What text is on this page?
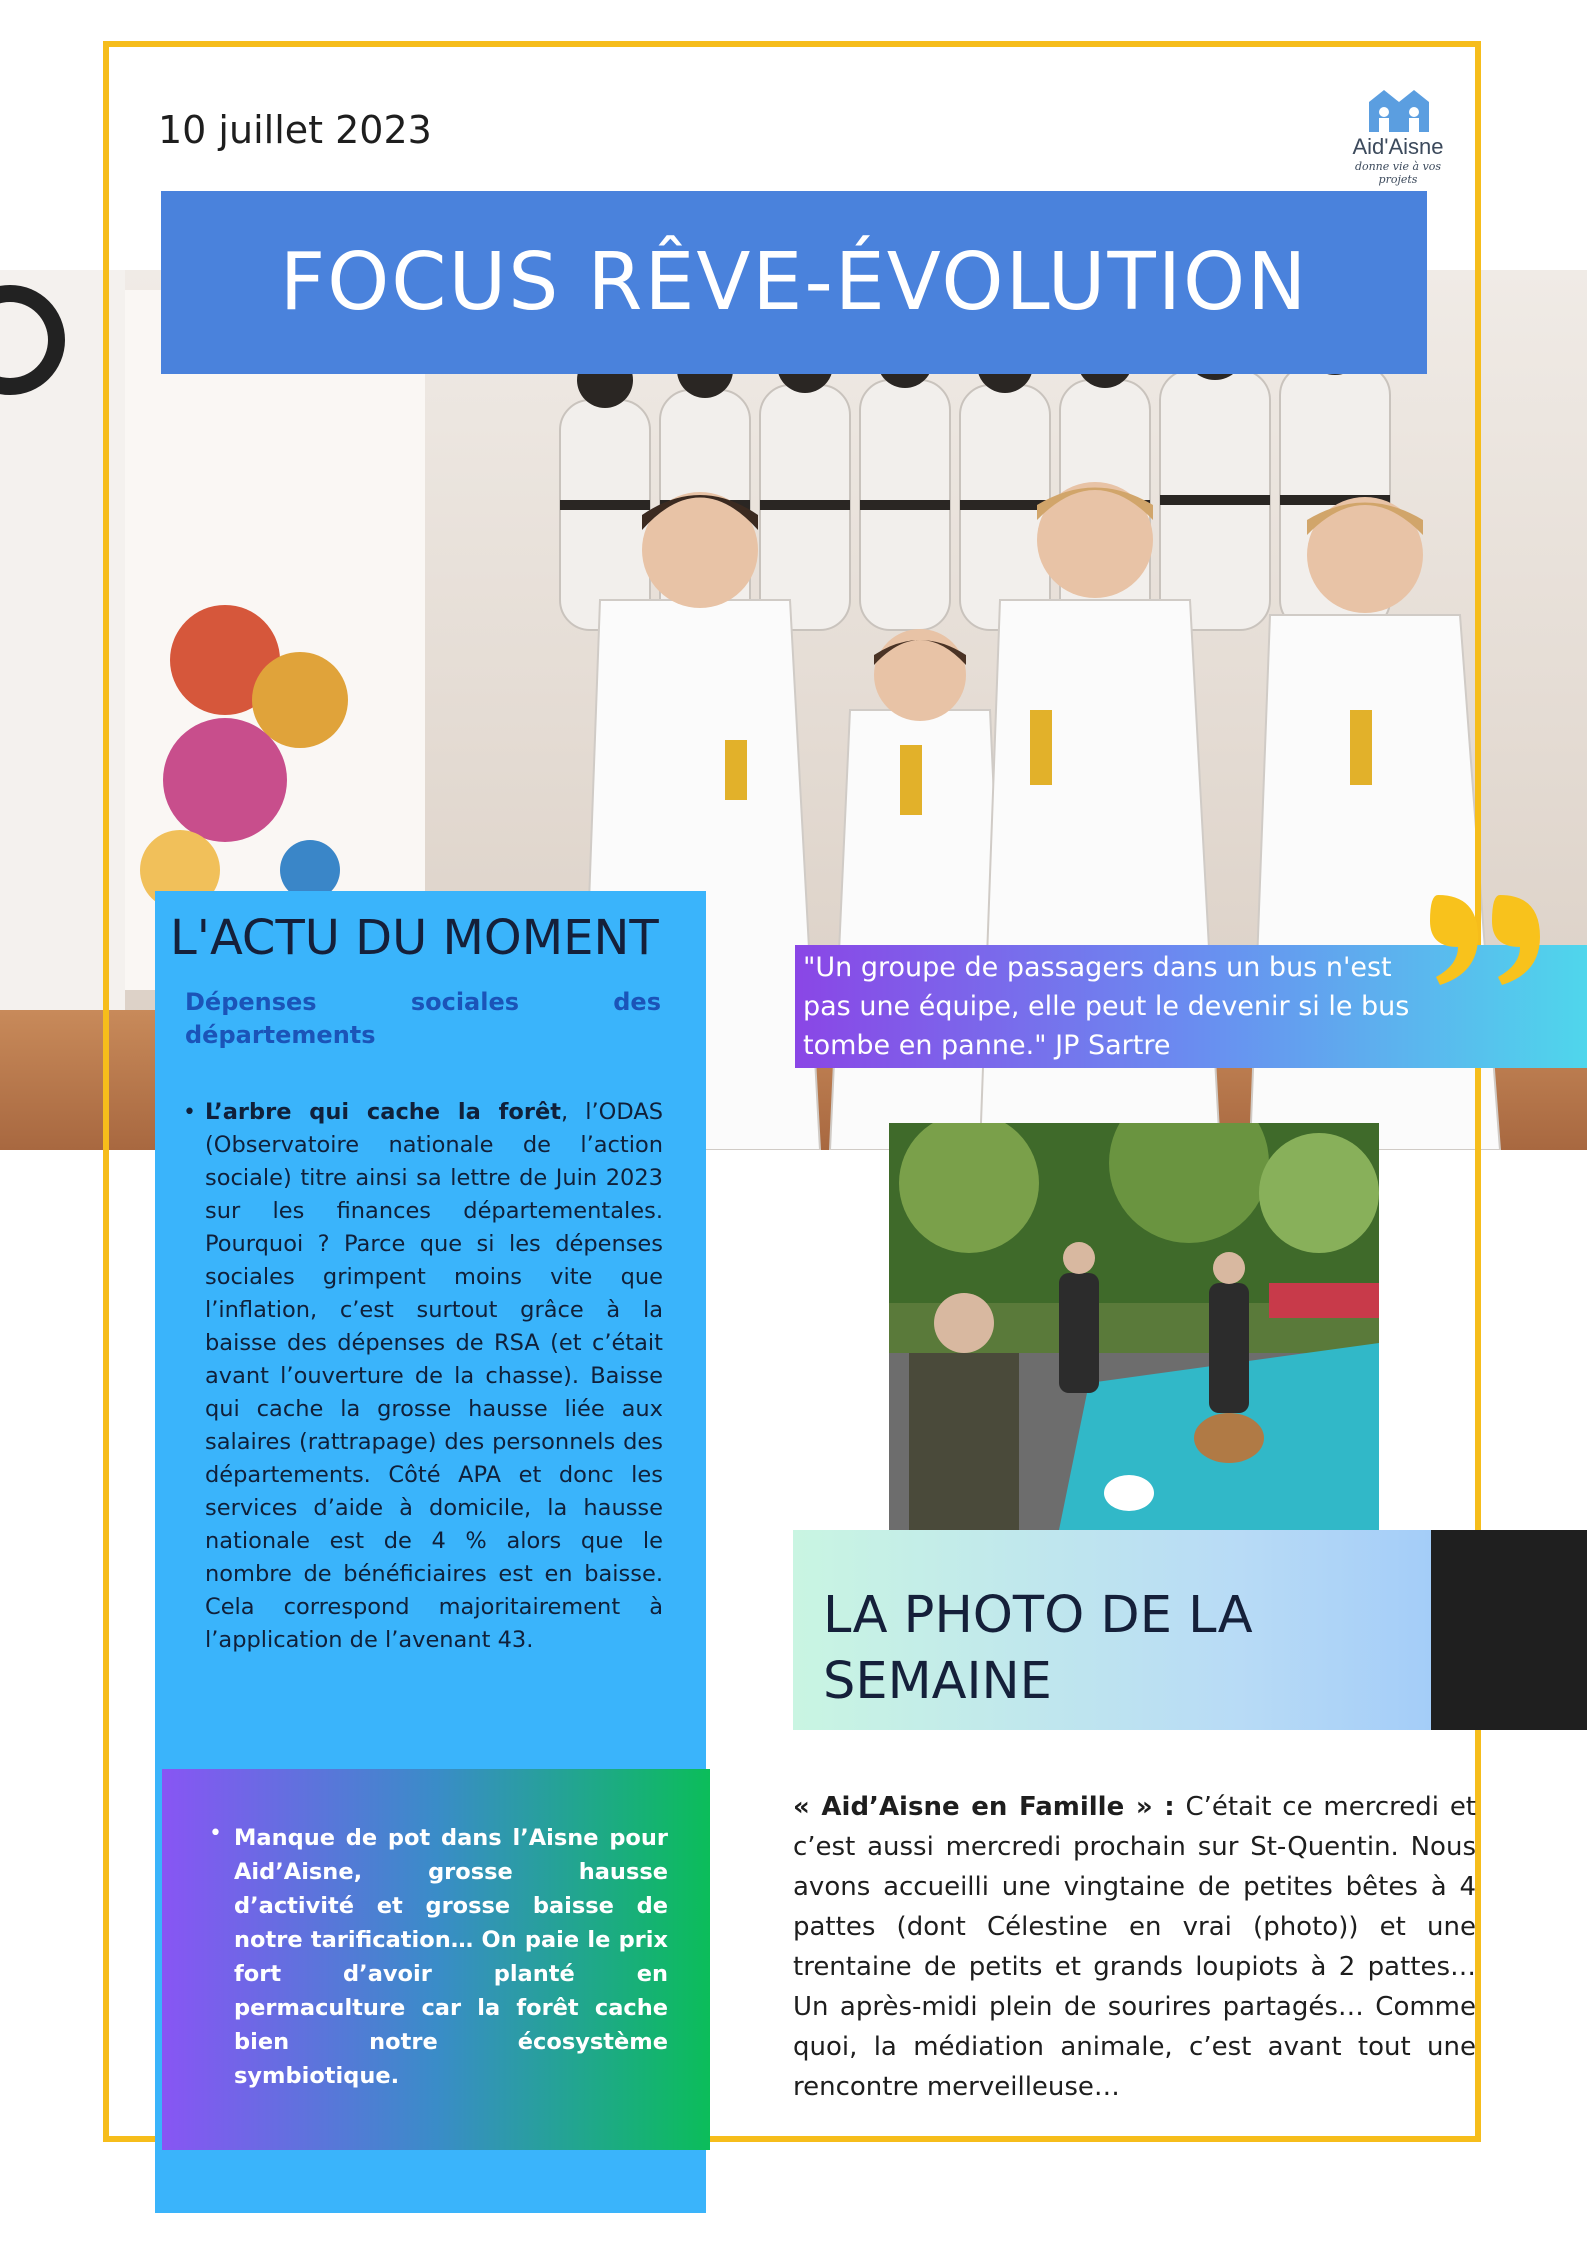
10 juillet 2023	Aid'Aisne
donne vie à vos projets
FOCUS RÊVE-ÉVOLUTION
L'ACTU DU MOMENT
Dépenses sociales des
départements
• L’arbre qui cache la forêt, l’ODAS (Observatoire nationale de l’action sociale) titre ainsi sa lettre de Juin 2023 sur les finances départementales. Pourquoi ? Parce que si les dépenses sociales grimpent moins vite que l’inflation, c’est surtout grâce à la baisse des dépenses de RSA (et c’était avant l’ouverture de la chasse). Baisse qui cache la grosse hausse liée aux salaires (rattrapage) des personnels des départements. Côté APA et donc les services d’aide à domicile, la hausse nationale est de 4 % alors que le nombre de bénéficiaires est en baisse. Cela correspond majoritairement à l’application de l’avenant 43.
• Manque de pot dans l’Aisne pour Aid’Aisne, grosse hausse d’activité et grosse baisse de notre tarification… On paie le prix fort d’avoir planté en permaculture car la forêt cache bien notre écosystème symbiotique.
"Un groupe de passagers dans un bus n'est pas une équipe, elle peut le devenir si le bus tombe en panne." JP Sartre
LA PHOTO DE LA SEMAINE
« Aid’Aisne en Famille » : C’était ce mercredi et c’est aussi mercredi prochain sur St-Quentin. Nous avons accueilli une vingtaine de petites bêtes à 4 pattes (dont Célestine en vrai (photo)) et une trentaine de petits et grands loupiots à 2 pattes… Un après-midi plein de sourires partagés… Comme quoi, la médiation animale, c’est avant tout une rencontre merveilleuse…
